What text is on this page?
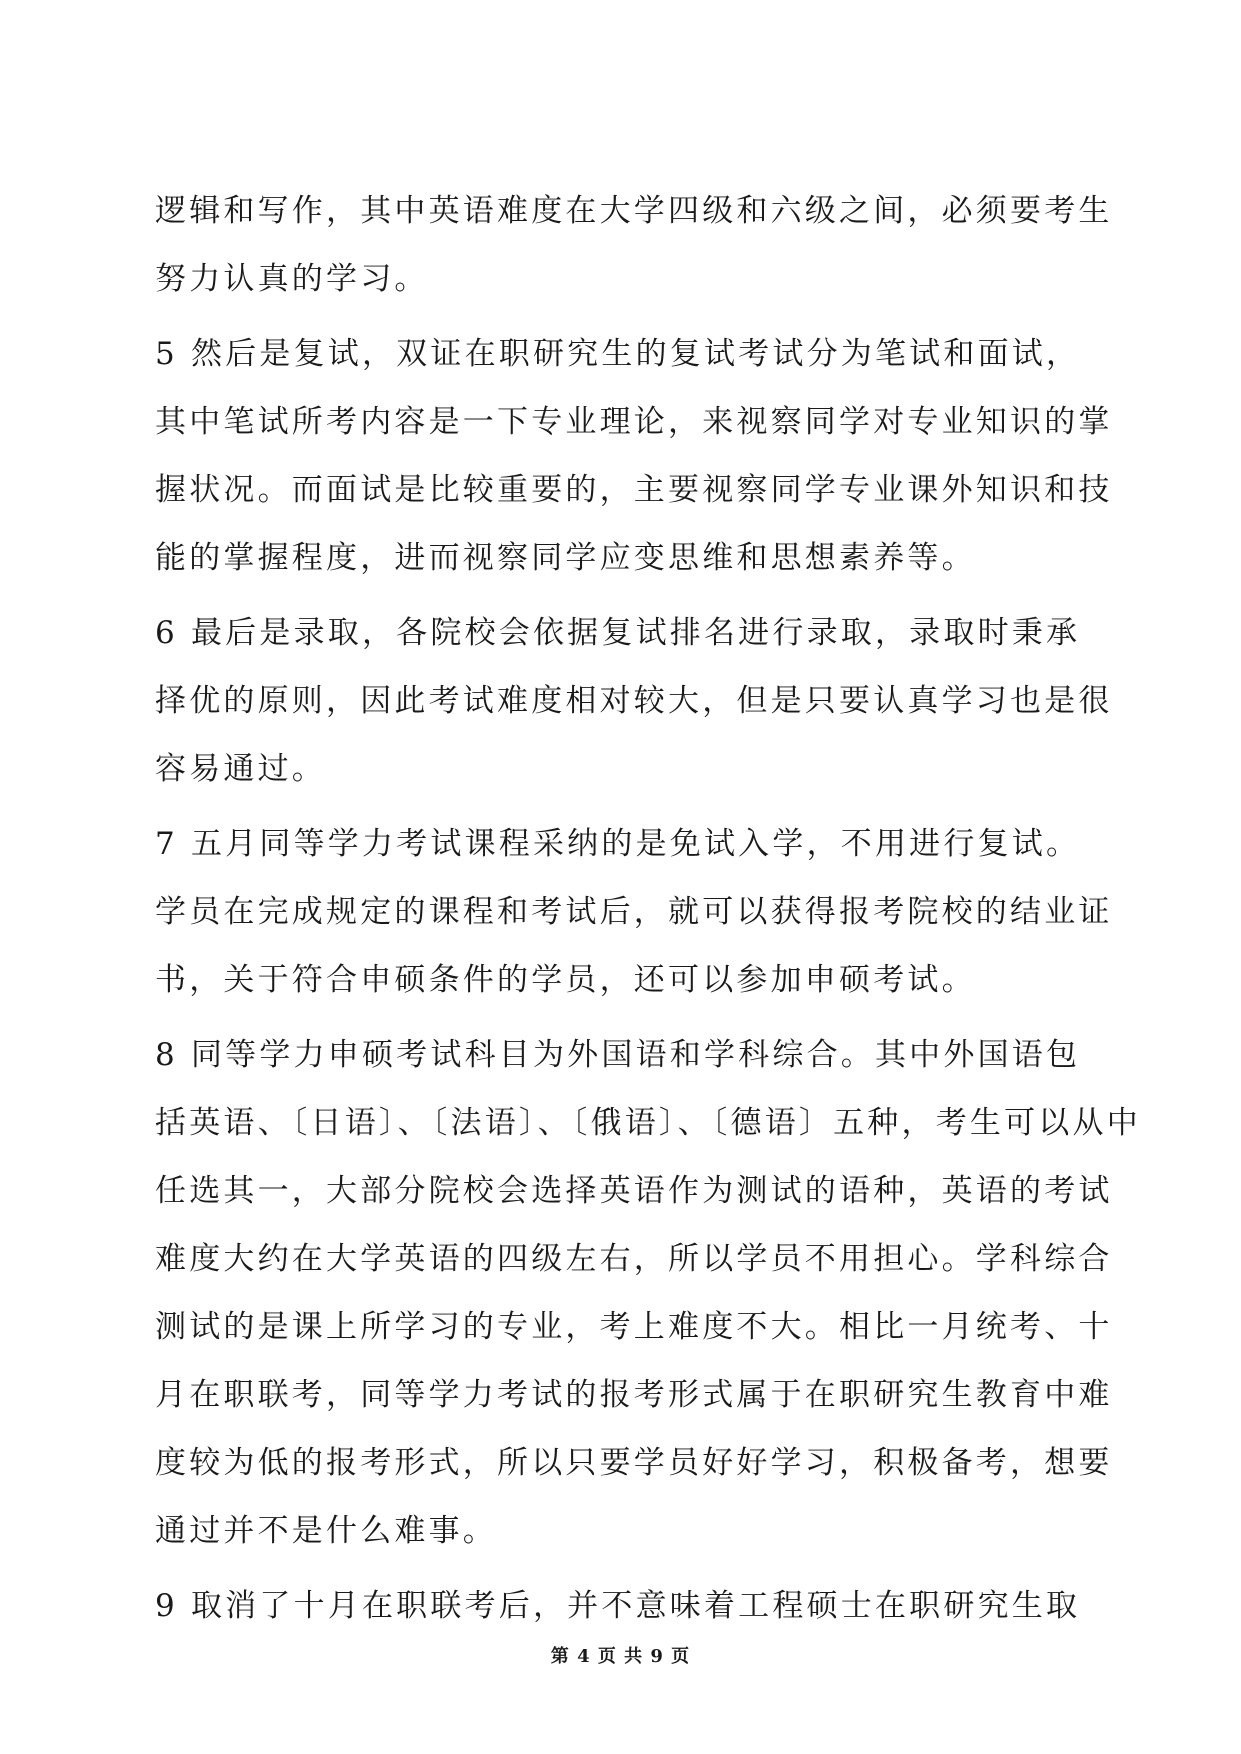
逻辑和写作，其中英语难度在大学四级和六级之间，必须要考生
努力认真的学习。
5 然后是复试，双证在职研究生的复试考试分为笔试和面试，
其中笔试所考内容是一下专业理论，来视察同学对专业知识的掌
握状况。而面试是比较重要的，主要视察同学专业课外知识和技
能的掌握程度，进而视察同学应变思维和思想素养等。
6 最后是录取，各院校会依据复试排名进行录取，录取时秉承
择优的原则，因此考试难度相对较大，但是只要认真学习也是很
容易通过。
7 五月同等学力考试课程采纳的是免试入学，不用进行复试。
学员在完成规定的课程和考试后，就可以获得报考院校的结业证
书，关于符合申硕条件的学员，还可以参加申硕考试。
8 同等学力申硕考试科目为外国语和学科综合。其中外国语包
括英语、〔日语〕、〔法语〕、〔俄语〕、〔德语〕五种，考生可以从中
任选其一，大部分院校会选择英语作为测试的语种，英语的考试
难度大约在大学英语的四级左右，所以学员不用担心。学科综合
测试的是课上所学习的专业，考上难度不大。相比一月统考、十
月在职联考，同等学力考试的报考形式属于在职研究生教育中难
度较为低的报考形式，所以只要学员好好学习，积极备考，想要
通过并不是什么难事。
9 取消了十月在职联考后，并不意味着工程硕士在职研究生取
第 4 页 共 9 页
